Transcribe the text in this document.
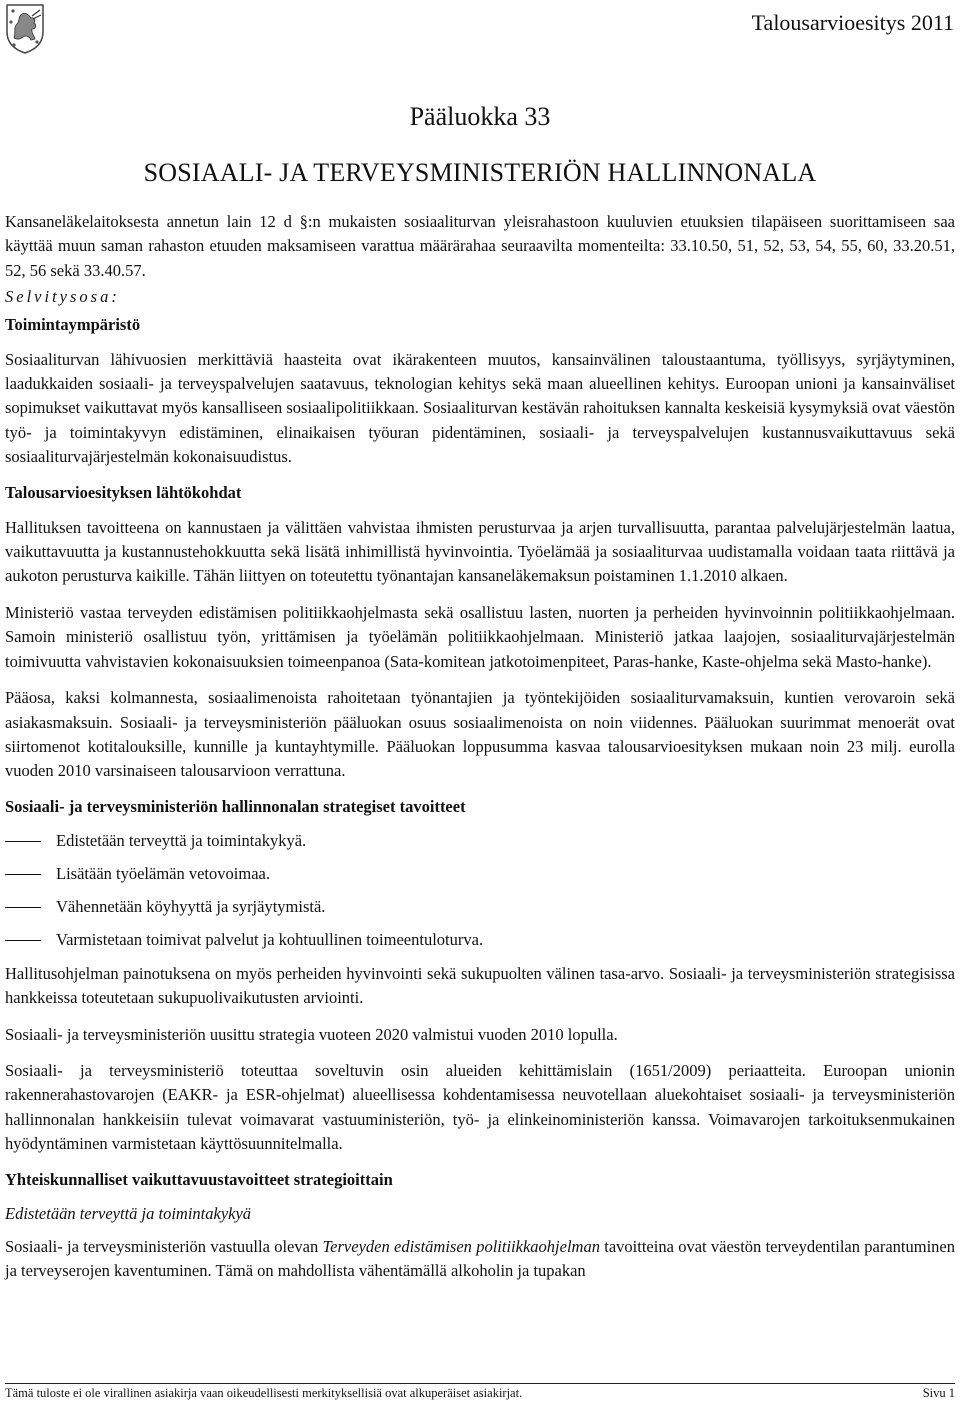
Talousarvioesitys 2011
Pääluokka 33
SOSIAALI- JA TERVEYSMINISTERIÖN HALLINNONALA

Kansaneläkelaitoksesta annetun lain 12 d §:n mukaisten sosiaaliturvan yleisrahastoon kuuluvien etuuksien tilapäiseen suorittamiseen saa käyttää muun saman rahaston etuuden maksamiseen varattua määrärahaa seuraavilta momenteilta: 33.10.50, 51, 52, 53, 54, 55, 60, 33.20.51, 52, 56 sekä 33.40.57.

Selvitysosa:

Toimintaympäristö

Sosiaaliturvan lähivuosien merkittäviä haasteita ovat ikärakenteen muutos, kansainvälinen taloustaantuma, työllisyys, syrjäytyminen, laadukkaiden sosiaali- ja terveyspalvelujen saatavuus, teknologian kehitys sekä maan alueellinen kehitys. Euroopan unioni ja kansainväliset sopimukset vaikuttavat myös kansalliseen sosiaalipolitiikkaan. Sosiaaliturvan kestävän rahoituksen kannalta keskeisiä kysymyksiä ovat väestön työ- ja toimintakyvyn edistäminen, elinaikaisen työuran pidentäminen, sosiaali- ja terveyspalvelujen kustannusvaikuttavuus sekä sosiaaliturvajärjestelmän kokonaisuudistus.

Talousarvioesityksen lähtökohdat

Hallituksen tavoitteena on kannustaen ja välittäen vahvistaa ihmisten perusturvaa ja arjen turvallisuutta, parantaa palvelujärjestelmän laatua, vaikuttavuutta ja kustannustehokkuutta sekä lisätä inhimillistä hyvinvointia. Työelämää ja sosiaaliturvaa uudistamalla voidaan taata riittävä ja aukoton perusturva kaikille. Tähän liittyen on toteutettu työnantajan kansaneläkemaksun poistaminen 1.1.2010 alkaen.

Ministeriö vastaa terveyden edistämisen politiikkaohjelmasta sekä osallistuu lasten, nuorten ja perheiden hyvinvoinnin politiikkaohjelmaan. Samoin ministeriö osallistuu työn, yrittämisen ja työelämän politiikkaohjelmaan. Ministeriö jatkaa laajojen, sosiaaliturvajärjestelmän toimivuutta vahvistavien kokonaisuuksien toimeenpanoa (Sata-komitean jatkotoimenpiteet, Paras-hanke, Kaste-ohjelma sekä Masto-hanke).

Pääosa, kaksi kolmannesta, sosiaalimenoista rahoitetaan työnantajien ja työntekijöiden sosiaaliturvamaksuin, kuntien verovaroin sekä asiakasmaksuin. Sosiaali- ja terveysministeriön pääluokan osuus sosiaalimenoista on noin viidennes. Pääluokan suurimmat menoerät ovat siirtomenot kotitalouksille, kunnille ja kuntayhtymille. Pääluokan loppusumma kasvaa talousarvioesityksen mukaan noin 23 milj. eurolla vuoden 2010 varsinaiseen talousarvioon verrattuna.

Sosiaali- ja terveysministeriön hallinnonalan strategiset tavoitteet
Edistetään terveyttä ja toimintakykyä.
Lisätään työelämän vetovoimaa.
Vähennetään köyhyyttä ja syrjäytymistä.
Varmistetaan toimivat palvelut ja kohtuullinen toimeentuloturva.

Hallitusohjelman painotuksena on myös perheiden hyvinvointi sekä sukupuolten välinen tasa-arvo. Sosiaali- ja terveysministeriön strategisissa hankkeissa toteutetaan sukupuolivaikutusten arviointi.

Sosiaali- ja terveysministeriön uusittu strategia vuoteen 2020 valmistui vuoden 2010 lopulla.

Sosiaali- ja terveysministeriö toteuttaa soveltuvin osin alueiden kehittämislain (1651/2009) periaatteita. Euroopan unionin rakennerahastovarojen (EAKR- ja ESR-ohjelmat) alueellisessa kohdentamisessa neuvotellaan aluekohtaiset sosiaali- ja terveysministeriön hallinnonalan hankkeisiin tulevat voimavarat vastuuministeriön, työ- ja elinkeinoministeriön kanssa. Voimavarojen tarkoituksenmukainen hyödyntäminen varmistetaan käyttösuunnitelmalla.

Yhteiskunnalliset vaikuttavuustavoitteet strategioittain
Edistetään terveyttä ja toimintakykyä

Sosiaali- ja terveysministeriön vastuulla olevan Terveyden edistämisen politiikkaohjelman tavoitteina ovat väestön terveydentilan parantuminen ja terveyserojen kaventuminen. Tämä on mahdollista vähentämällä alkoholin ja tupakan

Tämä tuloste ei ole virallinen asiakirja vaan oikeudellisesti merkityksellisiä ovat alkuperäiset asiakirjat.	Sivu 1
